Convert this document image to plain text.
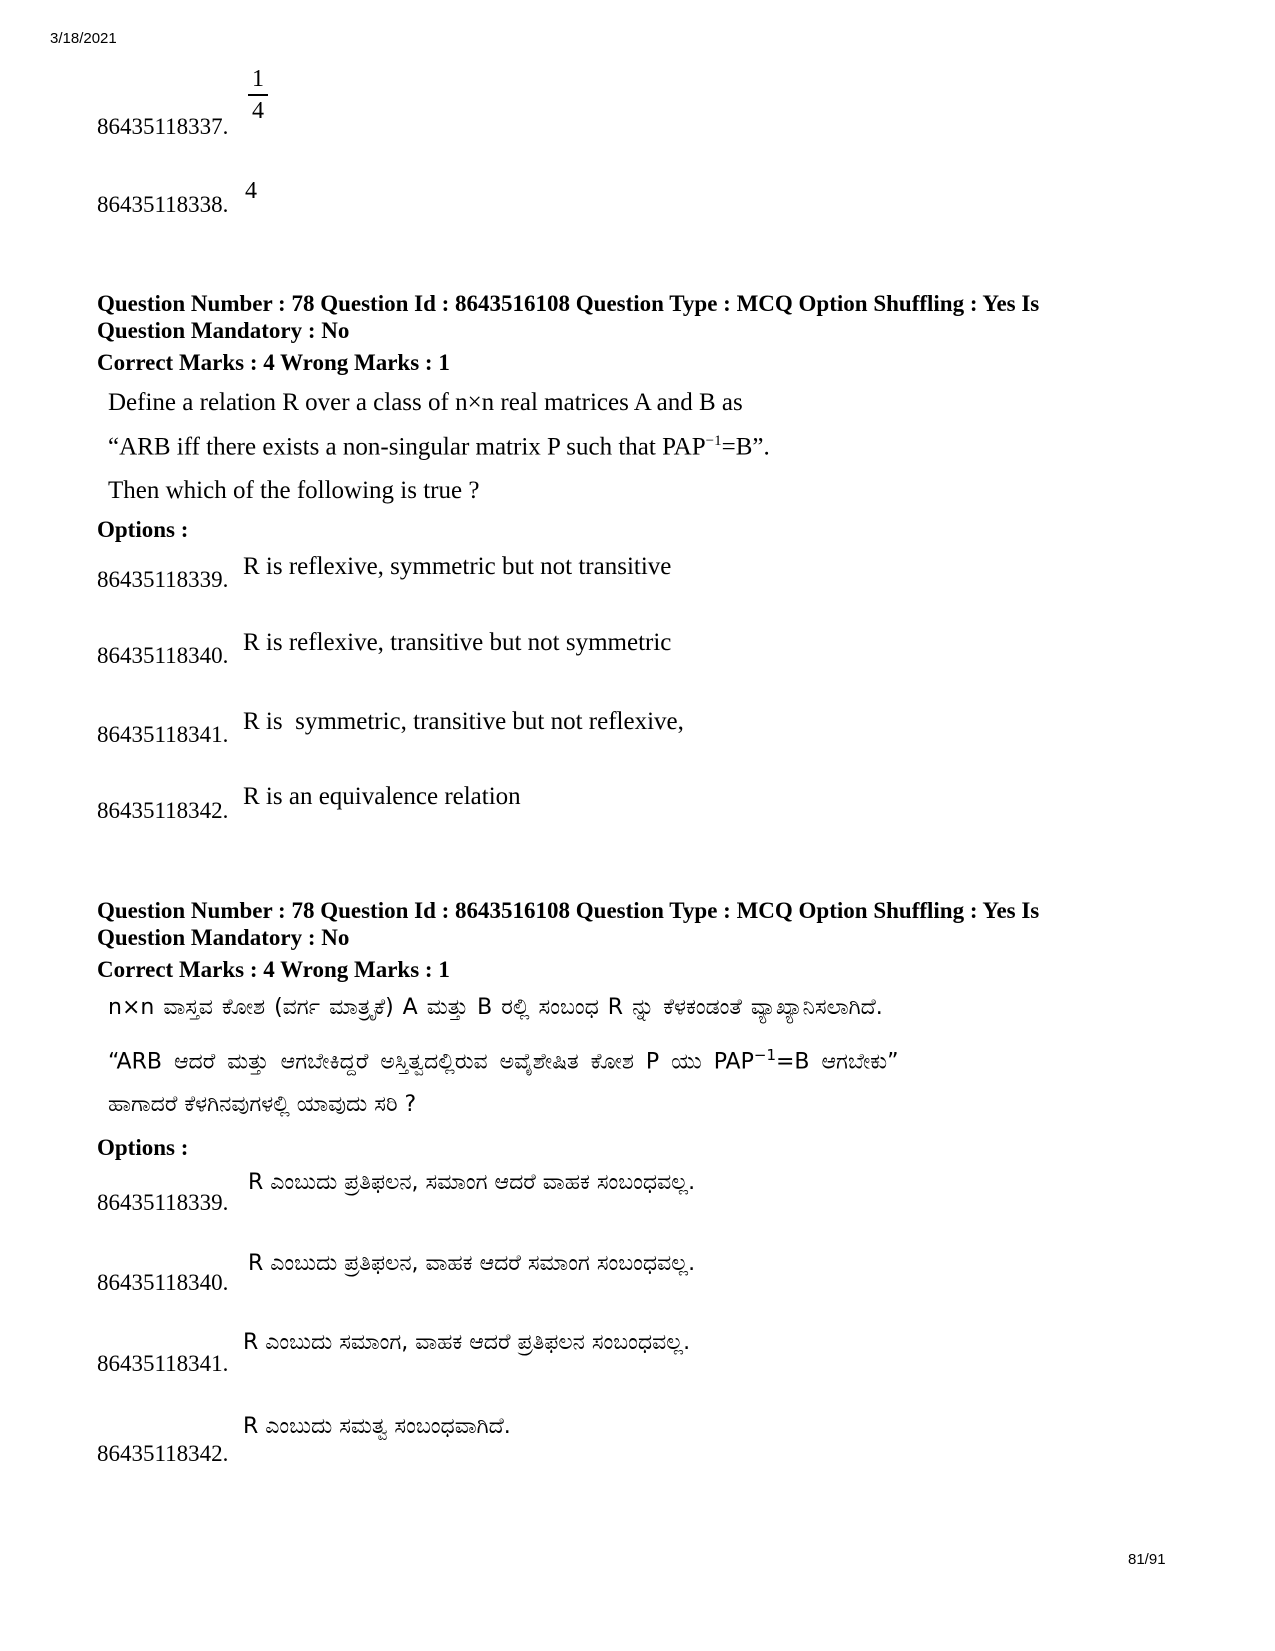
3/18/2021
86435118337.
1
4
86435118338.
4
Question Number : 78 Question Id : 8643516108 Question Type : MCQ Option Shuffling : Yes Is
Question Mandatory : No
Correct Marks : 4 Wrong Marks : 1
Define a relation R over a class of n×n real matrices A and B as
“ARB iff there exists a non-singular matrix P such that $PAP^{-1}=B$”.
Then which of the following is true ?
Options :
86435118339. R is reflexive, symmetric but not transitive
86435118340. R is reflexive, transitive but not symmetric
86435118341. R is  symmetric, transitive but not reflexive,
86435118342.
R is an equivalence relation
Question Number : 78 Question Id : 8643516108 Question Type : MCQ Option Shuffling : Yes Is
Question Mandatory : No
Correct Marks : 4 Wrong Marks : 1
n×n ವಾಸ್ತವ ಕೋಶ (ವರ್ಗ ಮಾತ್ರೃಕೆ) A ಮತ್ತು B ರಲ್ಲಿ ಸಂಬಂಧ R ನ್ನು ಕೆಳಕಂಡಂತೆ ವ್ಯಾಖ್ಯಾನಿಸಲಾಗಿದೆ.
“ARB ಆದರೆ ಮತ್ತು ಆಗಬೇಕಿದ್ದರೆ ಅಸ್ತಿತ್ವದಲ್ಲಿರುವ ಅವೈಶೇಷಿತ ಕೋಶ P ಯು $PAP^{-1}=B$ ಆಗಬೇಕು”
ಹಾಗಾದರೆ ಕೆಳಗಿನವುಗಳಲ್ಲಿ ಯಾವುದು ಸರಿ ?
Options :
86435118339.
R ಎಂಬುದು ಪ್ರತಿಫಲನ, ಸಮಾಂಗ ಆದರೆ ವಾಹಕ ಸಂಬಂಧವಲ್ಲ.
86435118340.
R ಎಂಬುದು ಪ್ರತಿಫಲನ, ವಾಹಕ ಆದರೆ ಸಮಾಂಗ ಸಂಬಂಧವಲ್ಲ.
86435118341.
R ಎಂಬುದು ಸಮಾಂಗ, ವಾಹಕ ಆದರೆ ಪ್ರತಿಫಲನ ಸಂಬಂಧವಲ್ಲ.
86435118342.
R ಎಂಬುದು ಸಮತ್ವ ಸಂಬಂಧವಾಗಿದೆ.
81/91
